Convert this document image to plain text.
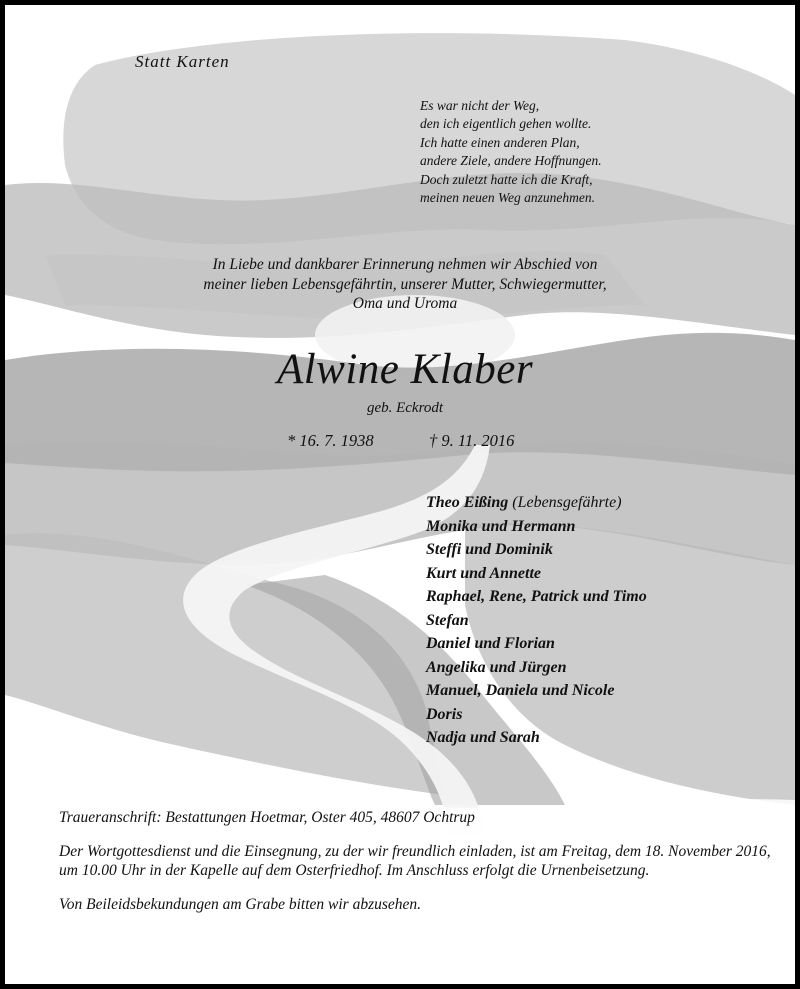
Statt Karten
Es war nicht der Weg,
den ich eigentlich gehen wollte.
Ich hatte einen anderen Plan,
andere Ziele, andere Hoffnungen.
Doch zuletzt hatte ich die Kraft,
meinen neuen Weg anzunehmen.
In Liebe und dankbarer Erinnerung nehmen wir Abschied von
meiner lieben Lebensgefährtin, unserer Mutter, Schwiegermutter,
Oma und Uroma
Alwine Klaber
geb. Eckrodt
* 16. 7. 1938	† 9. 11. 2016
Theo Eißing (Lebensgefährte)
Monika und Hermann
Steffi und Dominik
Kurt und Annette
Raphael, Rene, Patrick und Timo
Stefan
Daniel und Florian
Angelika und Jürgen
Manuel, Daniela und Nicole
Doris
Nadja und Sarah

Traueranschrift: Bestattungen Hoetmar, Oster 405, 48607 Ochtrup

Der Wortgottesdienst und die Einsegnung, zu der wir freundlich einladen, ist am Freitag, dem 18. November 2016, um 10.00 Uhr in der Kapelle auf dem Osterfriedhof. Im Anschluss erfolgt die Urnenbeisetzung.

Von Beileidsbekundungen am Grabe bitten wir abzusehen.
